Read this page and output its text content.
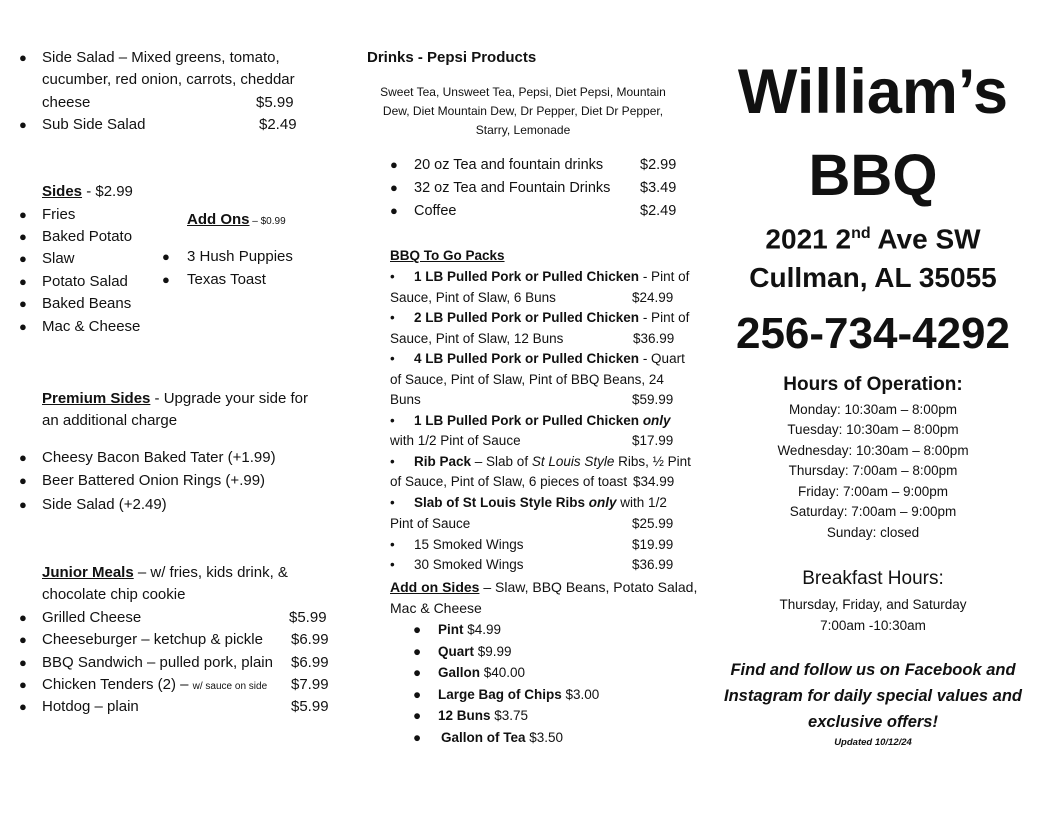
● Side Salad – Mixed greens, tomato,
cucumber, red onion, carrots, cheddar
cheese	$5.99
● Sub Side Salad	$2.49
Sides - $2.99
● Fries
● Baked Potato
● Slaw
● Potato Salad
● Baked Beans
● Mac & Cheese
Add Ons – $0.99
● 3 Hush Puppies
● Texas Toast
Premium Sides - Upgrade your side for
an additional charge
● Cheesy Bacon Baked Tater (+1.99)
● Beer Battered Onion Rings (+.99)
● Side Salad (+2.49)
Junior Meals – w/ fries, kids drink, &
chocolate chip cookie
● Grilled Cheese	$5.99
● Cheeseburger – ketchup & pickle $6.99
● BBQ Sandwich – pulled pork, plain $6.99
● Chicken Tenders (2) – w/ sauce on side $7.99
● Hotdog – plain	$5.99
Drinks - Pepsi Products
Sweet Tea, Unsweet Tea, Pepsi, Diet Pepsi, Mountain
Dew, Diet Mountain Dew, Dr Pepper, Diet Dr Pepper,
Starry, Lemonade
● 20 oz Tea and fountain drinks	$2.99
● 32 oz Tea and Fountain Drinks $3.49
● Coffee	$2.49
BBQ To Go Packs
• 1 LB Pulled Pork or Pulled Chicken - Pint of
Sauce, Pint of Slaw, 6 Buns	$24.99
• 2 LB Pulled Pork or Pulled Chicken - Pint of
Sauce, Pint of Slaw, 12 Buns	$36.99
• 4 LB Pulled Pork or Pulled Chicken - Quart
of Sauce, Pint of Slaw, Pint of BBQ Beans, 24
Buns	$59.99
• 1 LB Pulled Pork or Pulled Chicken only
with 1/2 Pint of Sauce	$17.99
• Rib Pack – Slab of St Louis Style Ribs, ½ Pint
of Sauce, Pint of Slaw, 6 pieces of toast $34.99
• Slab of St Louis Style Ribs only with 1/2
Pint of Sauce	$25.99
• 15 Smoked Wings	$19.99
• 30 Smoked Wings	$36.99
Add on Sides – Slaw, BBQ Beans, Potato Salad,
Mac & Cheese
● Pint $4.99
● Quart $9.99
● Gallon $40.00
● Large Bag of Chips $3.00
● 12 Buns $3.75
● Gallon of Tea $3.50
William’s
BBQ
2021 2nd Ave SW
Cullman, AL 35055
256-734-4292
Hours of Operation:
Monday: 10:30am – 8:00pm
Tuesday: 10:30am – 8:00pm
Wednesday: 10:30am – 8:00pm
Thursday: 7:00am – 8:00pm
Friday: 7:00am – 9:00pm
Saturday: 7:00am – 9:00pm
Sunday: closed
Breakfast Hours:
Thursday, Friday, and Saturday
7:00am -10:30am
Find and follow us on Facebook and
Instagram for daily special values and
exclusive offers!
Updated 10/12/24
